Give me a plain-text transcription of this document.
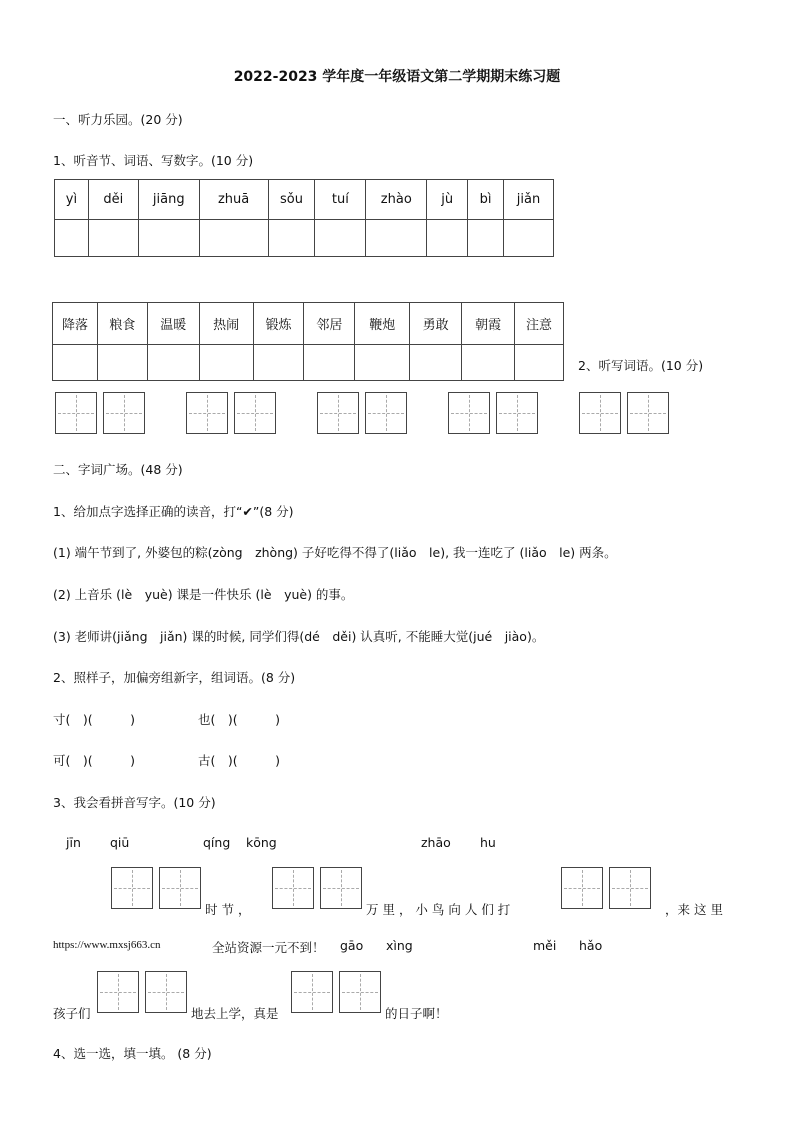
2022-2023 学年度一年级语文第二学期期末练习题
一、听力乐园。(20 分)
1、听音节、词语、写数字。(10 分)
yì	děi	jiāng	zhuā	sǒu	tuí	zhào	jù	bì	jiǎn

降落	粮食	温暖	热闹	锻炼	邻居	鞭炮	勇敢	朝霞	注意

2、听写词语。(10 分)
二、字词广场。(48 分)
1、给加点字选择正确的读音，打“✔”(8 分)
(1) 端午节到了, 外婆包的粽(zòng　zhòng) 子好吃得不得了(liǎo　le), 我一连吃了 (liǎo　le) 两条。
(2) 上音乐 (lè　yuè) 课是一件快乐 (lè　yuè) 的事。
(3) 老师讲(jiǎng　jiǎn) 课的时候, 同学们得(dé　děi) 认真听, 不能睡大觉(jué　jiào)。
2、照样子，加偏旁组新字，组词语。(8 分)
寸(　)(　　　)	也(　)(　　　)
可(　)(　　　)	古(　)(　　　)
3、我会看拼音写字。(10 分)
jīn qiū	qíng kōng	zhāo hu
时 节 ，	万 里 ， 小 鸟 向 人 们 打	，来 这 里
https://www.mxsj663.cn	全站资源一元不到！ gāo xìng	měi hǎo
孩子们	地去上学，真是	的日子啊！
4、选一选，填一填。 (8 分)
